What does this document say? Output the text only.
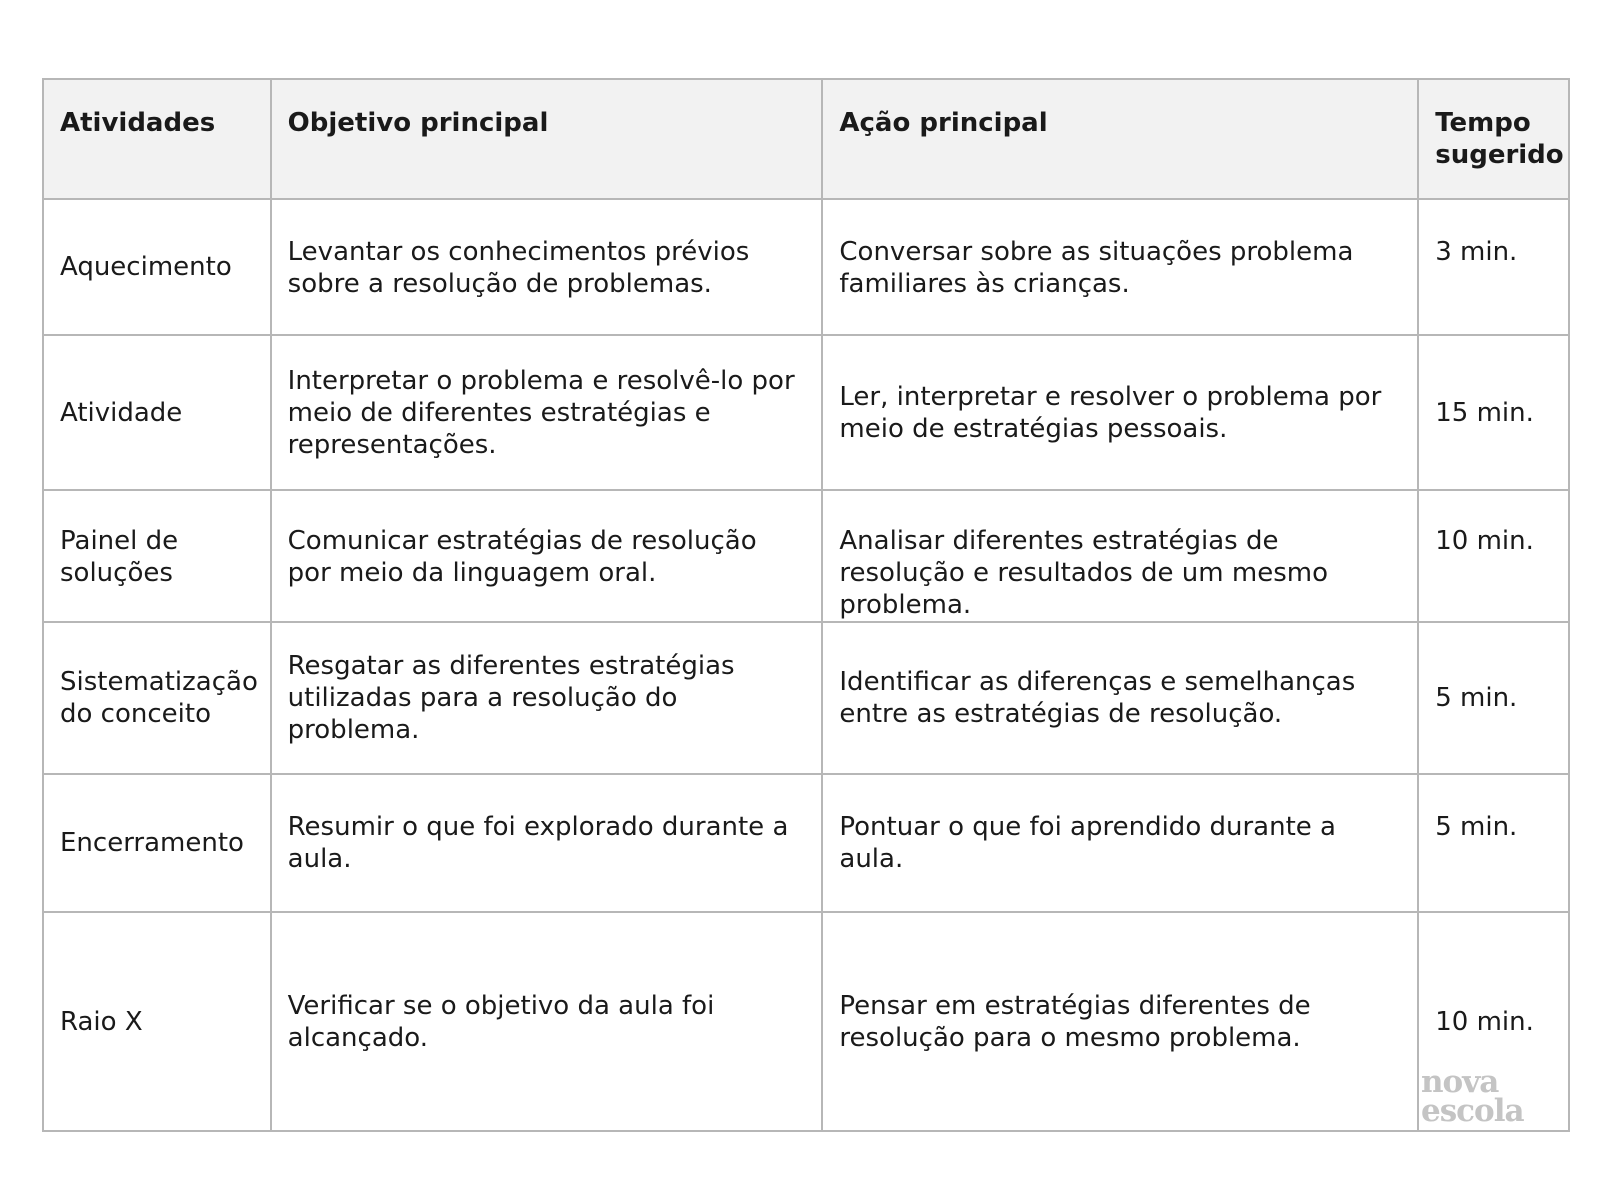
Atividades	Objetivo principal	Ação principal	Tempo sugerido

Aquecimento	Levantar os conhecimentos prévios sobre a resolução de problemas.	Conversar sobre as situações problema familiares às crianças.	3 min.

Atividade	Interpretar o problema e resolvê-lo por meio de diferentes estratégias e representações.	Ler, interpretar e resolver o problema por meio de estratégias pessoais.	15 min.

Painel de soluções	Comunicar estratégias de resolução por meio da linguagem oral.	Analisar diferentes estratégias de resolução e resultados de um mesmo problema.	10 min.

Sistematização do conceito	Resgatar as diferentes estratégias utilizadas para a resolução do problema.	Identificar as diferenças e semelhanças entre as estratégias de resolução.	5 min.

Encerramento	Resumir o que foi explorado durante a aula.	Pontuar o que foi aprendido durante a aula.	5 min.

Raio X	Verificar se o objetivo da aula foi alcançado.	Pensar em estratégias diferentes de resolução para o mesmo problema.	10 min.
nova
escola
